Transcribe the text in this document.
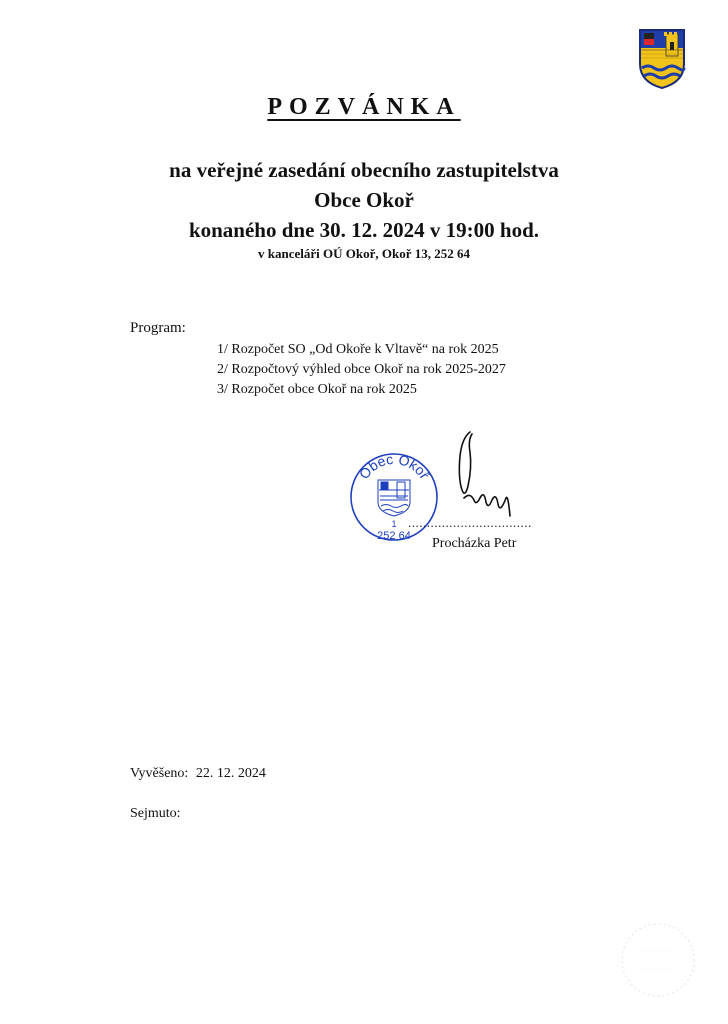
POZVÁNKA
na veřejné zasedání obecního zastupitelstva
Obce Okoř
konaného dne 30. 12. 2024 v 19:00 hod.
v kanceláři OÚ Okoř, Okoř 13, 252 64
Program:
1/ Rozpočet SO „Od Okoře k Vltavě“ na rok 2025
2/ Rozpočtový výhled obce Okoř na rok 2025-2027
3/ Rozpočet obce Okoř na rok 2025
Obec Okoř
1
252 64
.................................
Procházka Petr
Vyvěšeno: 22. 12. 2024
Sejmuto:
